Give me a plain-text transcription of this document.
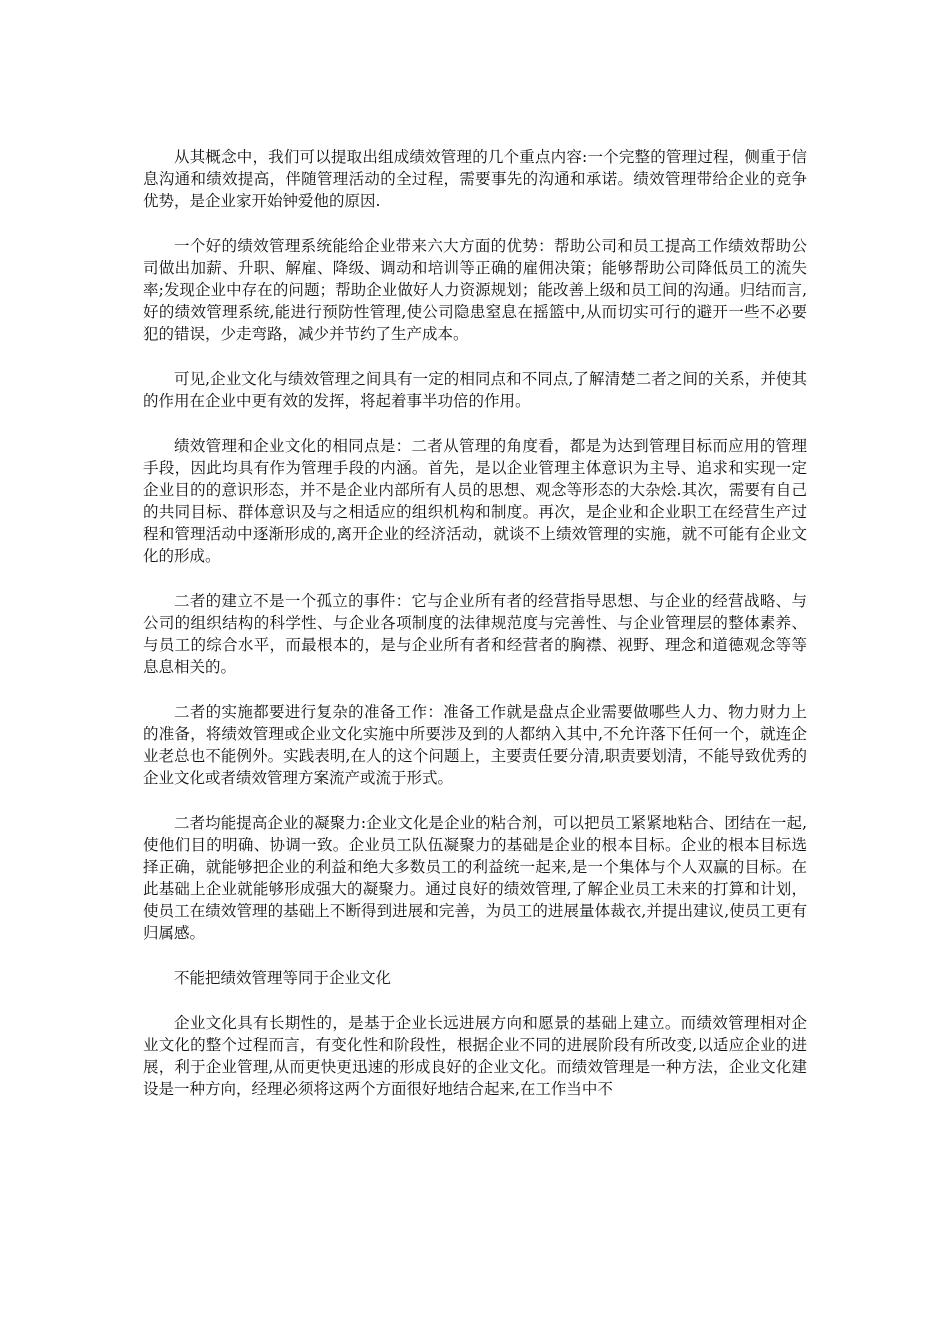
从其概念中，我们可以提取出组成绩效管理的几个重点内容:一个完整的管理过程，侧重于信息沟通和绩效提高，伴随管理活动的全过程，需要事先的沟通和承诺。绩效管理带给企业的竞争优势，是企业家开始钟爱他的原因.

一个好的绩效管理系统能给企业带来六大方面的优势：帮助公司和员工提高工作绩效帮助公司做出加薪、升职、解雇、降级、调动和培训等正确的雇佣决策；能够帮助公司降低员工的流失率;发现企业中存在的问题；帮助企业做好人力资源规划；能改善上级和员工间的沟通。归结而言,好的绩效管理系统,能进行预防性管理,使公司隐患窒息在摇篮中,从而切实可行的避开一些不必要犯的错误，少走弯路，减少并节约了生产成本。

可见,企业文化与绩效管理之间具有一定的相同点和不同点,了解清楚二者之间的关系，并使其的作用在企业中更有效的发挥，将起着事半功倍的作用。

绩效管理和企业文化的相同点是：二者从管理的角度看，都是为达到管理目标而应用的管理手段，因此均具有作为管理手段的内涵。首先，是以企业管理主体意识为主导、追求和实现一定企业目的的意识形态，并不是企业内部所有人员的思想、观念等形态的大杂烩.其次，需要有自己的共同目标、群体意识及与之相适应的组织机构和制度。再次，是企业和企业职工在经营生产过程和管理活动中逐渐形成的,离开企业的经济活动，就谈不上绩效管理的实施，就不可能有企业文化的形成。

二者的建立不是一个孤立的事件：它与企业所有者的经营指导思想、与企业的经营战略、与公司的组织结构的科学性、与企业各项制度的法律规范度与完善性、与企业管理层的整体素养、与员工的综合水平，而最根本的，是与企业所有者和经营者的胸襟、视野、理念和道德观念等等息息相关的。

二者的实施都要进行复杂的准备工作：准备工作就是盘点企业需要做哪些人力、物力财力上的准备，将绩效管理或企业文化实施中所要涉及到的人都纳入其中,不允许落下任何一个，就连企业老总也不能例外。实践表明,在人的这个问题上，主要责任要分清,职责要划清，不能导致优秀的企业文化或者绩效管理方案流产或流于形式。

二者均能提高企业的凝聚力:企业文化是企业的粘合剂，可以把员工紧紧地粘合、团结在一起,使他们目的明确、协调一致。企业员工队伍凝聚力的基础是企业的根本目标。企业的根本目标选择正确，就能够把企业的利益和绝大多数员工的利益统一起来,是一个集体与个人双赢的目标。在此基础上企业就能够形成强大的凝聚力。通过良好的绩效管理,了解企业员工未来的打算和计划，使员工在绩效管理的基础上不断得到进展和完善，为员工的进展量体裁衣,并提出建议,使员工更有归属感。

不能把绩效管理等同于企业文化

企业文化具有长期性的，是基于企业长远进展方向和愿景的基础上建立。而绩效管理相对企业文化的整个过程而言，有变化性和阶段性，根据企业不同的进展阶段有所改变,以适应企业的进展，利于企业管理,从而更快更迅速的形成良好的企业文化。而绩效管理是一种方法，企业文化建设是一种方向，经理必须将这两个方面很好地结合起来,在工作当中不
